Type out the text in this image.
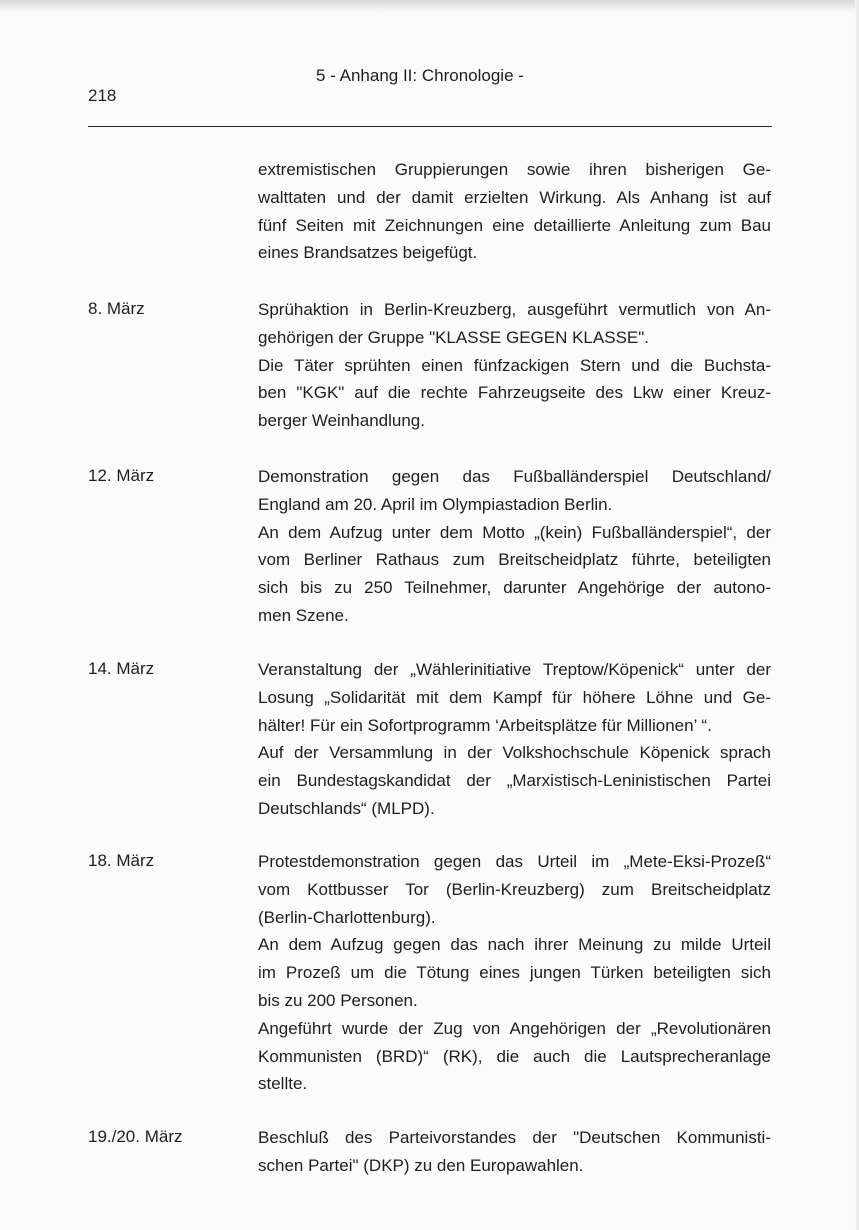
218
5 - Anhang II: Chronologie -
extremistischen Gruppierungen sowie ihren bisherigen Ge-
walttaten und der damit erzielten Wirkung. Als Anhang ist auf
fünf Seiten mit Zeichnungen eine detaillierte Anleitung zum Bau
eines Brandsatzes beigefügt.
8. März	Sprühaktion in Berlin-Kreuzberg, ausgeführt vermutlich von An-
gehörigen der Gruppe "KLASSE GEGEN KLASSE".
Die Täter sprühten einen fünfzackigen Stern und die Buchsta-
ben "KGK" auf die rechte Fahrzeugseite des Lkw einer Kreuz-
berger Weinhandlung.
12. März	Demonstration gegen das Fußballänderspiel Deutschland/
England am 20. April im Olympiastadion Berlin.
An dem Aufzug unter dem Motto „(kein) Fußballänderspiel“, der
vom Berliner Rathaus zum Breitscheidplatz führte, beteiligten
sich bis zu 250 Teilnehmer, darunter Angehörige der autono-
men Szene.
14. März	Veranstaltung der „Wählerinitiative Treptow/Köpenick“ unter der
Losung „Solidarität mit dem Kampf für höhere Löhne und Ge-
hälter! Für ein Sofortprogramm ‘Arbeitsplätze für Millionen’ “.
Auf der Versammlung in der Volkshochschule Köpenick sprach
ein Bundestagskandidat der „Marxistisch-Leninistischen Partei
Deutschlands“ (MLPD).
18. März	Protestdemonstration gegen das Urteil im „Mete-Eksi-Prozeß“
vom Kottbusser Tor (Berlin-Kreuzberg) zum Breitscheidplatz
(Berlin-Charlottenburg).
An dem Aufzug gegen das nach ihrer Meinung zu milde Urteil
im Prozeß um die Tötung eines jungen Türken beteiligten sich
bis zu 200 Personen.
Angeführt wurde der Zug von Angehörigen der „Revolutionären
Kommunisten (BRD)“ (RK), die auch die Lautsprecheranlage
stellte.
19./20. März	Beschluß des Parteivorstandes der "Deutschen Kommunisti-
schen Partei" (DKP) zu den Europawahlen.
